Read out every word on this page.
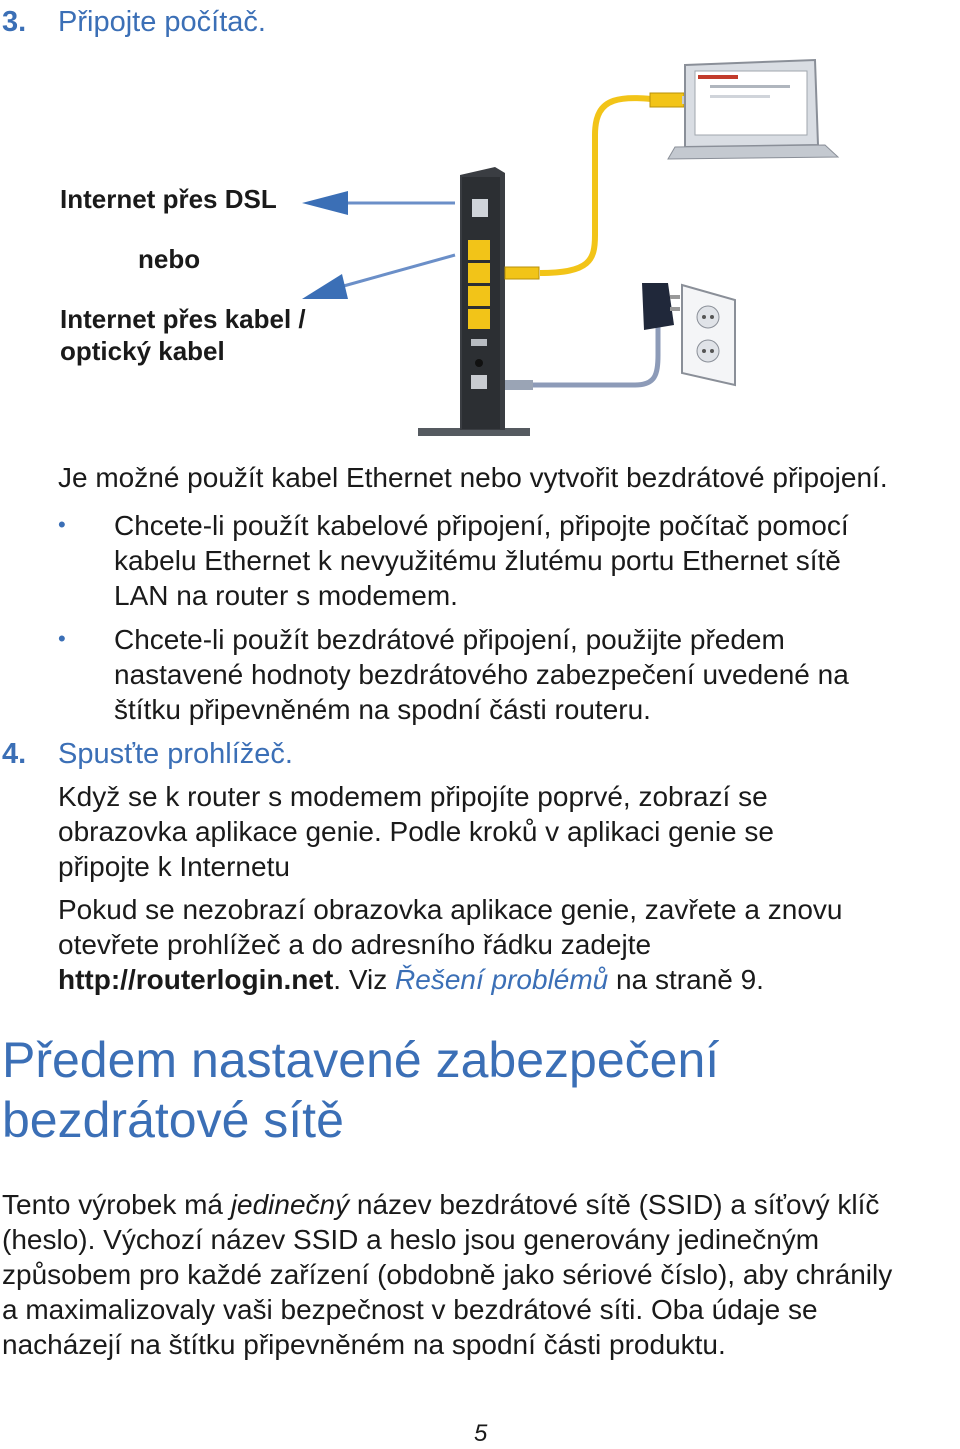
3. Připojte počítač.
Internet přes DSL
nebo
Internet přes kabel /
optický kabel
Je možné použít kabel Ethernet nebo vytvořit bezdrátové připojení.
• Chcete-li použít kabelové připojení, připojte počítač pomocí
kabelu Ethernet k nevyužitému žlutému portu Ethernet sítě
LAN na router s modemem.
• Chcete-li použít bezdrátové připojení, použijte předem
nastavené hodnoty bezdrátového zabezpečení uvedené na
štítku připevněném na spodní části routeru.
4. Spusťte prohlížeč.
Když se k router s modemem připojíte poprvé, zobrazí se
obrazovka aplikace genie. Podle kroků v aplikaci genie se
připojte k Internetu
Pokud se nezobrazí obrazovka aplikace genie, zavřete a znovu
otevřete prohlížeč a do adresního řádku zadejte
http://routerlogin.net. Viz Řešení problémů na straně 9.
Předem nastavené zabezpečení
bezdrátové sítě
Tento výrobek má jedinečný název bezdrátové sítě (SSID) a síťový klíč
(heslo). Výchozí název SSID a heslo jsou generovány jedinečným
způsobem pro každé zařízení (obdobně jako sériové číslo), aby chránily
a maximalizovaly vaši bezpečnost v bezdrátové síti. Oba údaje se
nacházejí na štítku připevněném na spodní části produktu.
5
